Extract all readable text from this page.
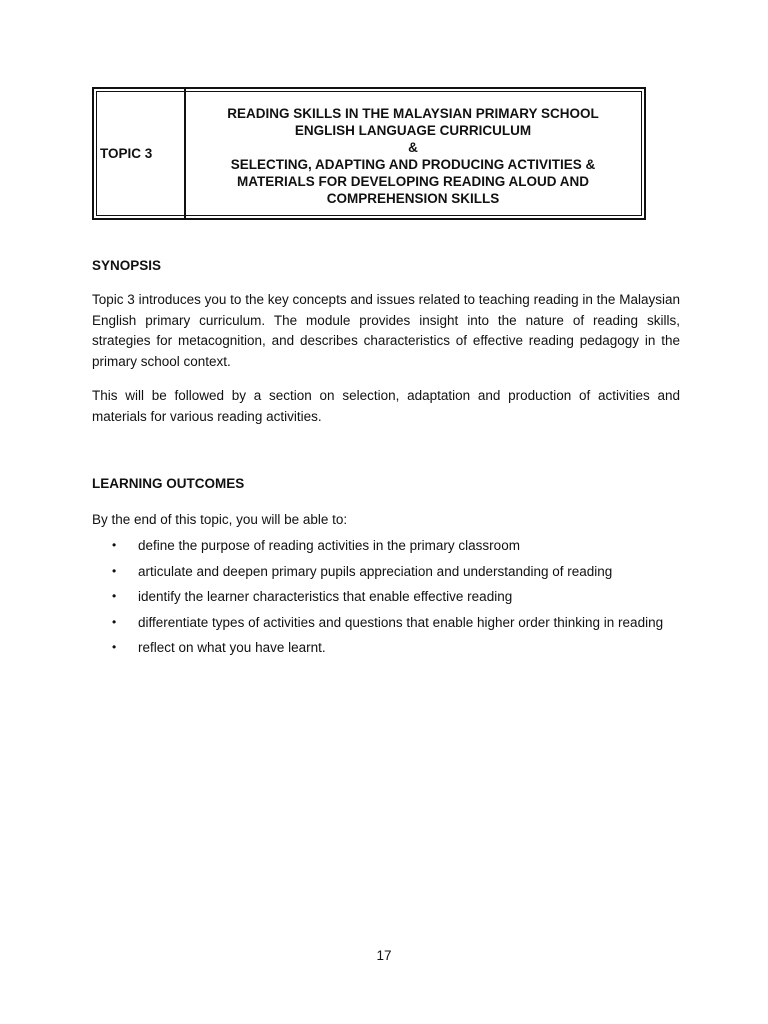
TOPIC 3
READING SKILLS IN THE MALAYSIAN PRIMARY SCHOOL
ENGLISH LANGUAGE CURRICULUM
&
SELECTING, ADAPTING AND PRODUCING ACTIVITIES &
MATERIALS FOR DEVELOPING READING ALOUD AND
COMPREHENSION SKILLS
SYNOPSIS
Topic 3 introduces you to the key concepts and issues related to teaching reading in the Malaysian English primary curriculum. The module provides insight into the nature of reading skills, strategies for metacognition, and describes characteristics of effective reading pedagogy in the primary school context.
This will be followed by a section on selection, adaptation and production of activities and materials for various reading activities.
LEARNING OUTCOMES
By the end of this topic, you will be able to:
• define the purpose of reading activities in the primary classroom
• articulate and deepen primary pupils appreciation and understanding of reading
• identify the learner characteristics that enable effective reading
• differentiate types of activities and questions that enable higher order thinking in reading
• reflect on what you have learnt.
17
